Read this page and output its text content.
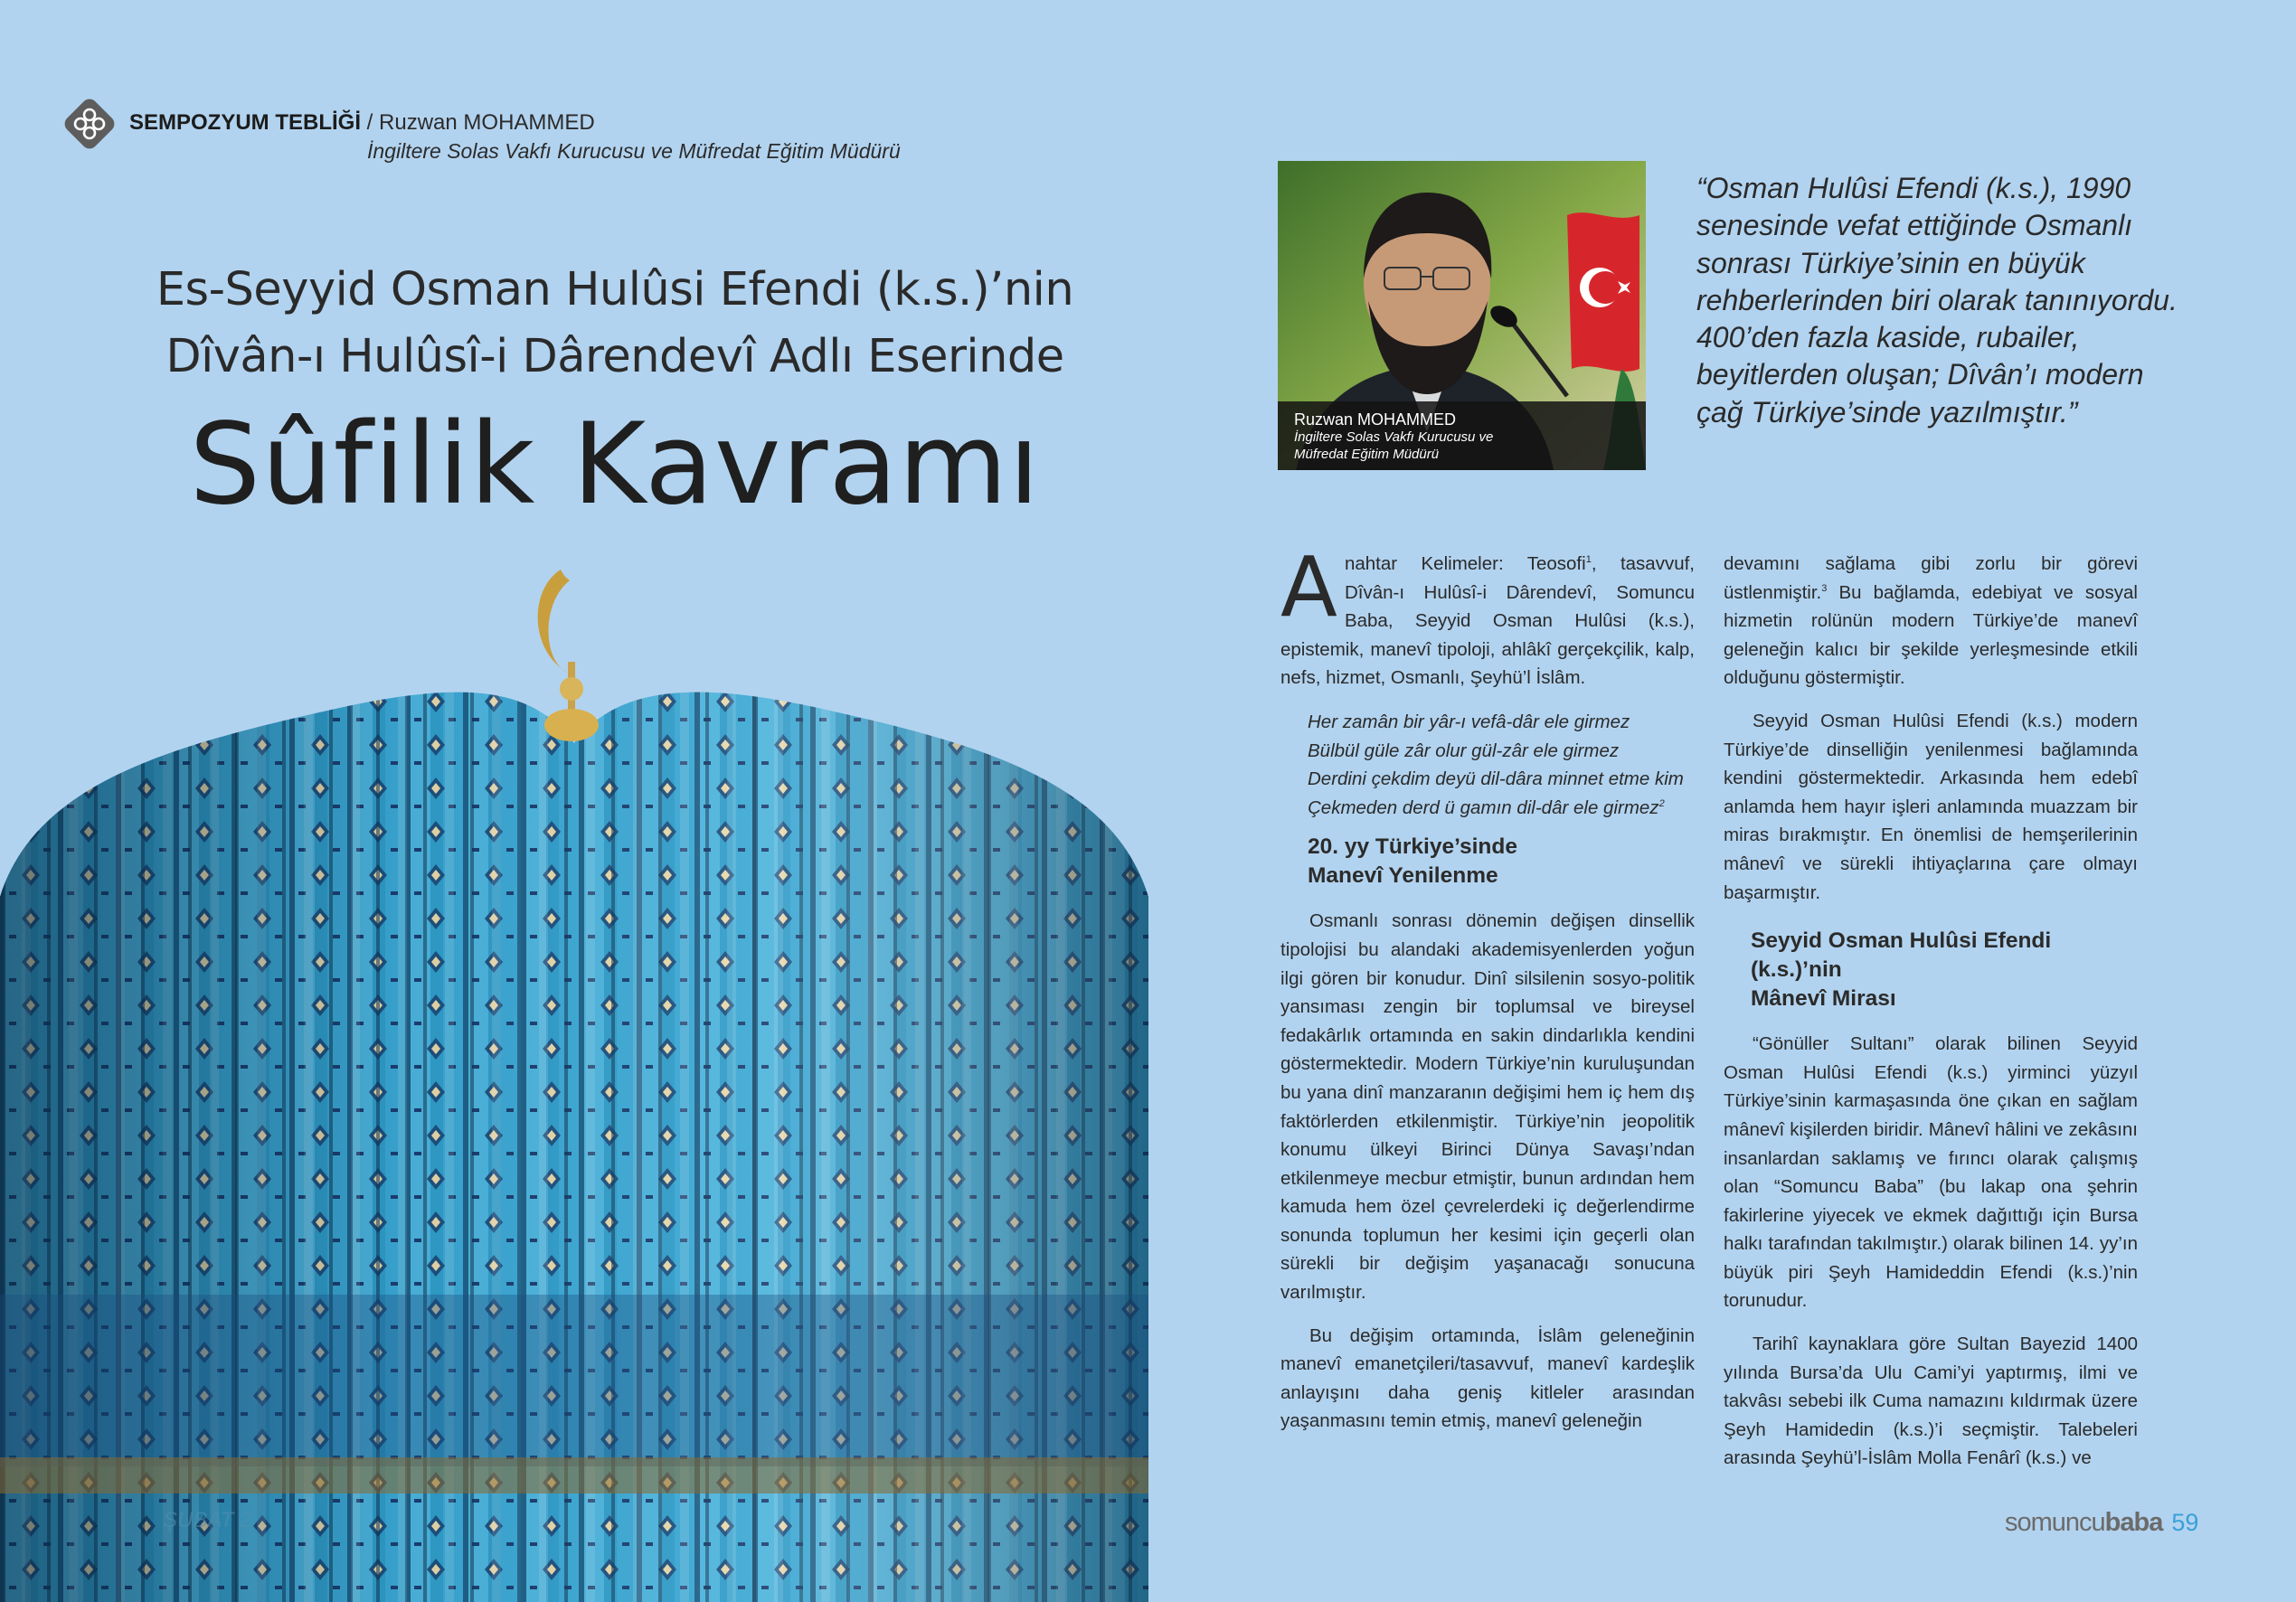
SEMPOZYUM TEBLİĞİ / Ruzwan MOHAMMED
İngiltere Solas Vakfı Kurucusu ve Müfredat Eğitim Müdürü
Es-Seyyid Osman Hulûsi Efendi (k.s.)’nin
Dîvân-ı Hulûsî-i Dârendevî Adlı Eserinde
Sûfilik Kavramı	Ruzwan MOHAMMED
İngiltere Solas Vakfı Kurucusu ve
Müfredat Eğitim Müdürü
“Osman Hulûsi Efendi (k.s.), 1990 senesinde vefat ettiğinde Osmanlı sonrası Türkiye’sinin en büyük rehberlerinden biri olarak tanınıyordu. 400’den fazla kaside, rubailer, beyitlerden oluşan; Dîvân’ı modern çağ Türkiye’sinde yazılmıştır.”

Anahtar Kelimeler: Teosofi$^1$, tasavvuf, Dîvân-ı Hulûsî-i Dârendevî, Somuncu Baba, Seyyid Osman Hulûsi (k.s.), epistemik, manevî tipoloji, ahlâkî gerçekçilik, kalp, nefs, hizmet, Osmanlı, Şeyhü’l İslâm.

Her zamân bir yâr-ı vefâ-dâr ele girmez
Bülbül güle zâr olur gül-zâr ele girmez
Derdini çekdim deyü dil-dâra minnet etme kim
Çekmeden derd ü gamın dil-dâr ele girmez$^2$
20. yy Türkiye’sinde
Manevî Yenilenme

Osmanlı sonrası dönemin değişen dinsellik tipolojisi bu alandaki akademisyenlerden yoğun ilgi gören bir konudur. Dinî silsilenin sosyo-politik yansıması zengin bir toplumsal ve bireysel fedakârlık ortamında en sakin dindarlıkla kendini göstermektedir. Modern Türkiye’nin kuruluşundan bu yana dinî manzaranın değişimi hem iç hem dış faktörlerden etkilenmiştir. Türkiye’nin jeopolitik konumu ülkeyi Birinci Dünya Savaşı’ndan etkilenmeye mecbur etmiştir, bunun ardından hem kamuda hem özel çevrelerdeki iç değerlendirme sonunda toplumun her kesimi için geçerli olan sürekli bir değişim yaşanacağı sonucuna varılmıştır.

Bu değişim ortamında, İslâm geleneğinin manevî emanetçileri/tasavvuf, manevî kardeşlik anlayışını daha geniş kitleler arasından yaşanmasını temin etmiş, manevî geleneğin

devamını sağlama gibi zorlu bir görevi üstlenmiştir.$^3$ Bu bağlamda, edebiyat ve sosyal hizmetin rolünün modern Türkiye’de manevî geleneğin kalıcı bir şekilde yerleşmesinde etkili olduğunu göstermiştir.

Seyyid Osman Hulûsi Efendi (k.s.) modern Türkiye’de dinselliğin yenilenmesi bağlamında kendini göstermektedir. Arkasında hem edebî anlamda hem hayır işleri anlamında muazzam bir miras bırakmıştır. En önemlisi de hemşerilerinin mânevî ve sürekli ihtiyaçlarına çare olmayı başarmıştır.

Seyyid Osman Hulûsi Efendi (k.s.)’nin
Mânevî Mirası

“Gönüller Sultanı” olarak bilinen Seyyid Osman Hulûsi Efendi (k.s.) yirminci yüzyıl Türkiye’sinin karmaşasında öne çıkan en sağlam mânevî kişilerden biridir. Mânevî hâlini ve zekâsını insanlardan saklamış ve fırıncı olarak çalışmış olan “Somuncu Baba” (bu lakap ona şehrin fakirlerine yiyecek ve ekmek dağıttığı için Bursa halkı tarafından takılmıştır.) olarak bilinen 14. yy’ın büyük piri Şeyh Hamideddin Efendi (k.s.)’nin torunudur.

Tarihî kaynaklara göre Sultan Bayezid 1400 yılında Bursa’da Ulu Cami’yi yaptırmış, ilmi ve takvâsı sebebi ilk Cuma namazını kıldırmak üzere Şeyh Hamidedin (k.s.)’i seçmiştir. Talebeleri arasında Şeyhü’l-İslâm Molla Fenârî (k.s.) ve

ŞUBAT 2	somuncubaba 59
